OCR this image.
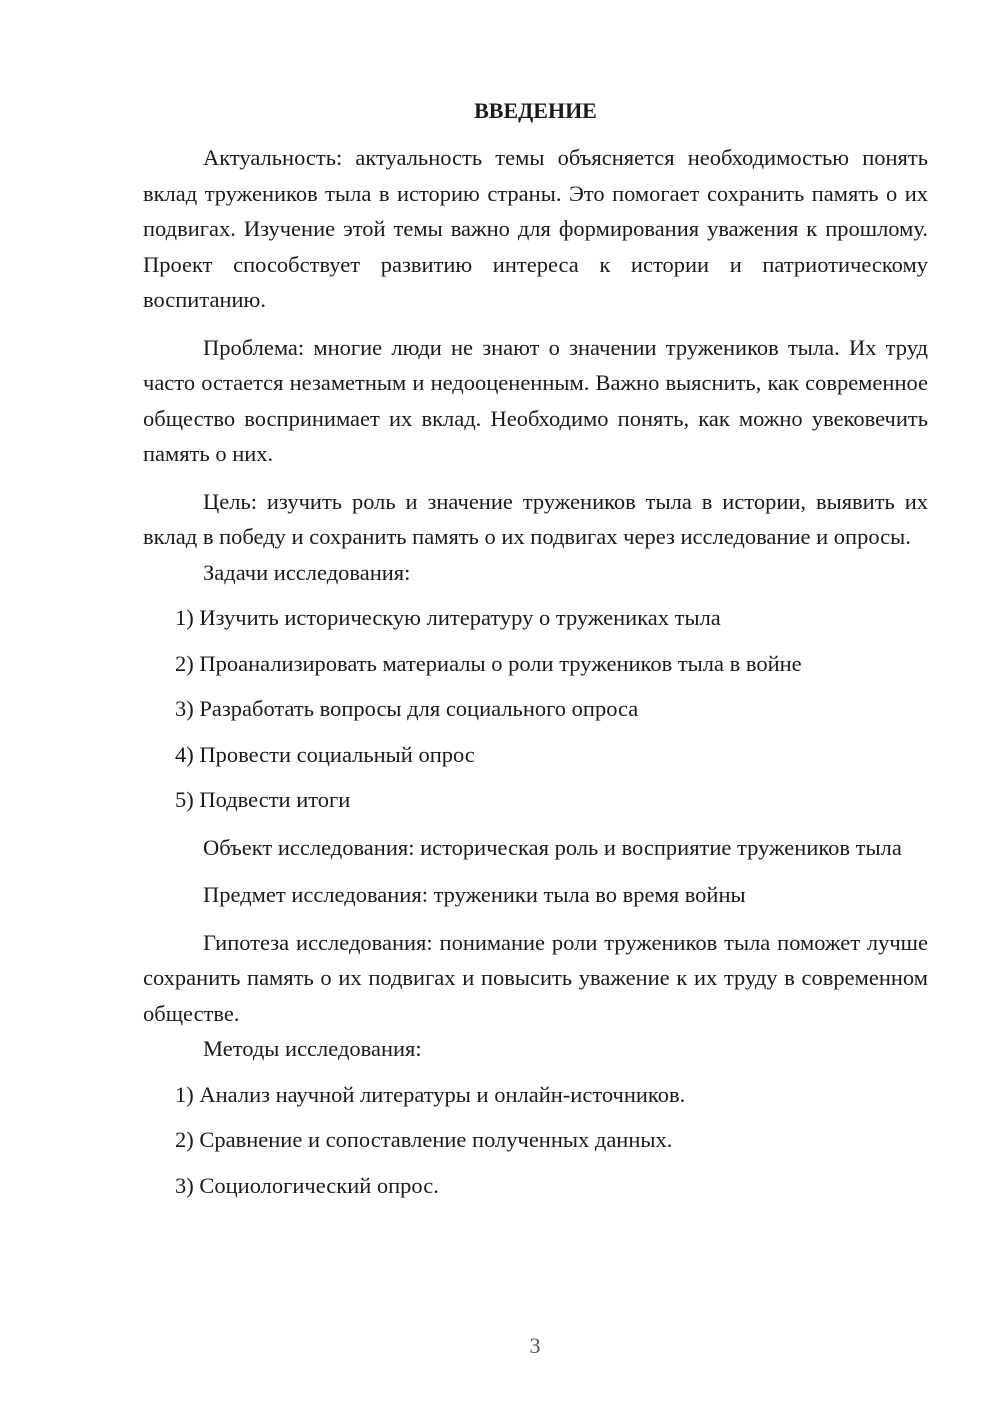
ВВЕДЕНИЕ

Актуальность: актуальность темы объясняется необходимостью понять вклад тружеников тыла в историю страны. Это помогает сохранить память о их подвигах. Изучение этой темы важно для формирования уважения к прошлому. Проект способствует развитию интереса к истории и патриотическому воспитанию.

Проблема: многие люди не знают о значении тружеников тыла. Их труд часто остается незаметным и недооцененным. Важно выяснить, как современное общество воспринимает их вклад. Необходимо понять, как можно увековечить память о них.

Цель: изучить роль и значение тружеников тыла в истории, выявить их вклад в победу и сохранить память о их подвигах через исследование и опросы.

Задачи исследования:

1) Изучить историческую литературу о тружениках тыла
2) Проанализировать материалы о роли тружеников тыла в войне
3) Разработать вопросы для социального опроса
4) Провести социальный опрос
5) Подвести итоги

Объект исследования: историческая роль и восприятие тружеников тыла

Предмет исследования: труженики тыла во время войны

Гипотеза исследования: понимание роли тружеников тыла поможет лучше сохранить память о их подвигах и повысить уважение к их труду в современном обществе.

Методы исследования:

1) Анализ научной литературы и онлайн-источников.
2) Сравнение и сопоставление полученных данных.
3) Социологический опрос.
3
